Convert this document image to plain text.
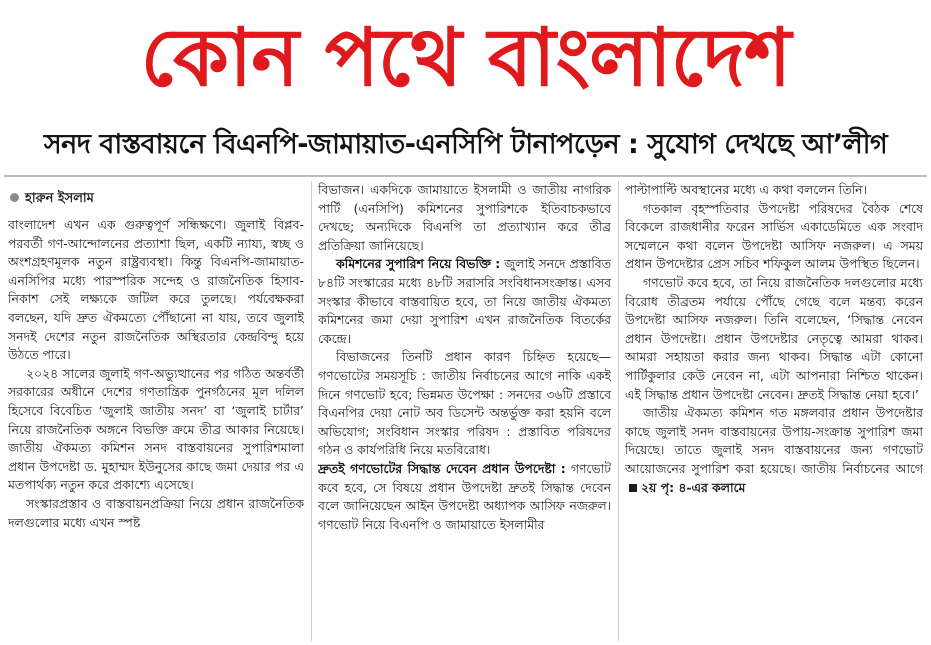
কোন পথে বাংলাদেশ
সনদ বাস্তবায়নে বিএনপি-জামায়াত-এনসিপি টানাপড়েন : সুযোগ দেখছে আ’লীগ
হারুন ইসলাম

বাংলাদেশ এখন এক গুরুত্বপূর্ণ সন্ধিক্ষণে। জুলাই বিপ্লব-পরবর্তী গণ-আন্দোলনের প্রত্যাশা ছিল, একটি ন্যায্য, স্বচ্ছ ও অংশগ্রহণমূলক নতুন রাষ্ট্রব্যবস্থা। কিন্তু বিএনপি-জামায়াত-এনসিপির মধ্যে পারস্পরিক সন্দেহ ও রাজনৈতিক হিসাব-নিকাশ সেই লক্ষ্যকে জটিল করে তুলছে। পর্যবেক্ষকরা বলছেন, যদি দ্রুত ঐকমত্যে পৌঁছানো না যায়, তবে জুলাই সনদই দেশের নতুন রাজনৈতিক অস্থিরতার কেন্দ্রবিন্দু হয়ে উঠতে পারে।

২০২৪ সালের জুলাই গণ-অভ্যুত্থানের পর গঠিত অন্তর্বর্তী সরকারের অধীনে দেশের গণতান্ত্রিক পুনর্গঠনের মূল দলিল হিসেবে বিবেচিত ‘জুলাই জাতীয় সনদ’ বা ‘জুলাই চার্টার’ নিয়ে রাজনৈতিক অঙ্গনে বিভক্তি ক্রমে তীব্র আকার নিয়েছে। জাতীয় ঐকমত্য কমিশন সনদ বাস্তবায়নের সুপারিশমালা প্রধান উপদেষ্টা ড. মুহাম্মদ ইউনুসের কাছে জমা দেয়ার পর এ মতপার্থক্য নতুন করে প্রকাশ্যে এসেছে।

সংস্কারপ্রস্তাব ও বাস্তবায়নপ্রক্রিয়া নিয়ে প্রধান রাজনৈতিক দলগুলোর মধ্যে এখন স্পষ্ট

বিভাজন। একদিকে জামায়াতে ইসলামী ও জাতীয় নাগরিক পার্টি (এনসিপি) কমিশনের সুপারিশকে ইতিবাচকভাবে দেখছে; অন্যদিকে বিএনপি তা প্রত্যাখ্যান করে তীব্র প্রতিক্রিয়া জানিয়েছে।

কমিশনের সুপারিশ নিয়ে বিভক্তি : জুলাই সনদে প্রস্তাবিত ৮৪টি সংস্কারের মধ্যে ৪৮টি সরাসরি সংবিধানসংক্রান্ত। এসব সংস্কার কীভাবে বাস্তবায়িত হবে, তা নিয়ে জাতীয় ঐকমত্য কমিশনের জমা দেয়া সুপারিশ এখন রাজনৈতিক বিতর্কের কেন্দ্রে।

বিভাজনের তিনটি প্রধান কারণ চিহ্নিত হয়েছে— গণভোটের সময়সূচি : জাতীয় নির্বাচনের আগে নাকি একই দিনে গণভোট হবে; ভিন্নমত উপেক্ষা : সনদের ৩৬টি প্রস্তাবে বিএনপির দেয়া নোট অব ডিসেন্ট অন্তর্ভুক্ত করা হয়নি বলে অভিযোগ; সংবিধান সংস্কার পরিষদ : প্রস্তাবিত পরিষদের গঠন ও কার্যপরিধি নিয়ে মতবিরোধ।

দ্রুতই গণভোটের সিদ্ধান্ত দেবেন প্রধান উপদেষ্টা : গণভোট কবে হবে, সে বিষয়ে প্রধান উপদেষ্টা দ্রুতই সিদ্ধান্ত দেবেন বলে জানিয়েছেন আইন উপদেষ্টা অধ্যাপক আসিফ নজরুল। গণভোট নিয়ে বিএনপি ও জামায়াতে ইসলামীর

পাল্টাপাল্টি অবস্থানের মধ্যে এ কথা বললেন তিনি।

গতকাল বৃহস্পতিবার উপদেষ্টা পরিষদের বৈঠক শেষে বিকেলে রাজধানীর ফরেন সার্ভিস একাডেমিতে এক সংবাদ সম্মেলনে কথা বলেন উপদেষ্টা আসিফ নজরুল। এ সময় প্রধান উপদেষ্টার প্রেস সচিব শফিকুল আলম উপস্থিত ছিলেন।

গণভোট কবে হবে, তা নিয়ে রাজনৈতিক দলগুলোর মধ্যে বিরোধ তীব্রতম পর্যায়ে পৌঁছে গেছে বলে মন্তব্য করেন উপদেষ্টা আসিফ নজরুল। তিনি বলেছেন, ‘সিদ্ধান্ত নেবেন প্রধান উপদেষ্টা। প্রধান উপদেষ্টার নেতৃত্বে আমরা থাকব। আমরা সহায়তা করার জন্য থাকব। সিদ্ধান্ত এটা কোনো পার্টিকুলার কেউ নেবেন না, এটা আপনারা নিশ্চিত থাকেন। এই সিদ্ধান্ত প্রধান উপদেষ্টা নেবেন। দ্রুতই সিদ্ধান্ত নেয়া হবে।’

জাতীয় ঐকমত্য কমিশন গত মঙ্গলবার প্রধান উপদেষ্টার কাছে জুলাই সনদ বাস্তবায়নের উপায়-সংক্রান্ত সুপারিশ জমা দিয়েছে। তাতে জুলাই সনদ বাস্তবায়নের জন্য গণভোট আয়োজনের সুপারিশ করা হয়েছে। জাতীয় নির্বাচনের আগে২য় পৃ: ৪-এর কলামে
